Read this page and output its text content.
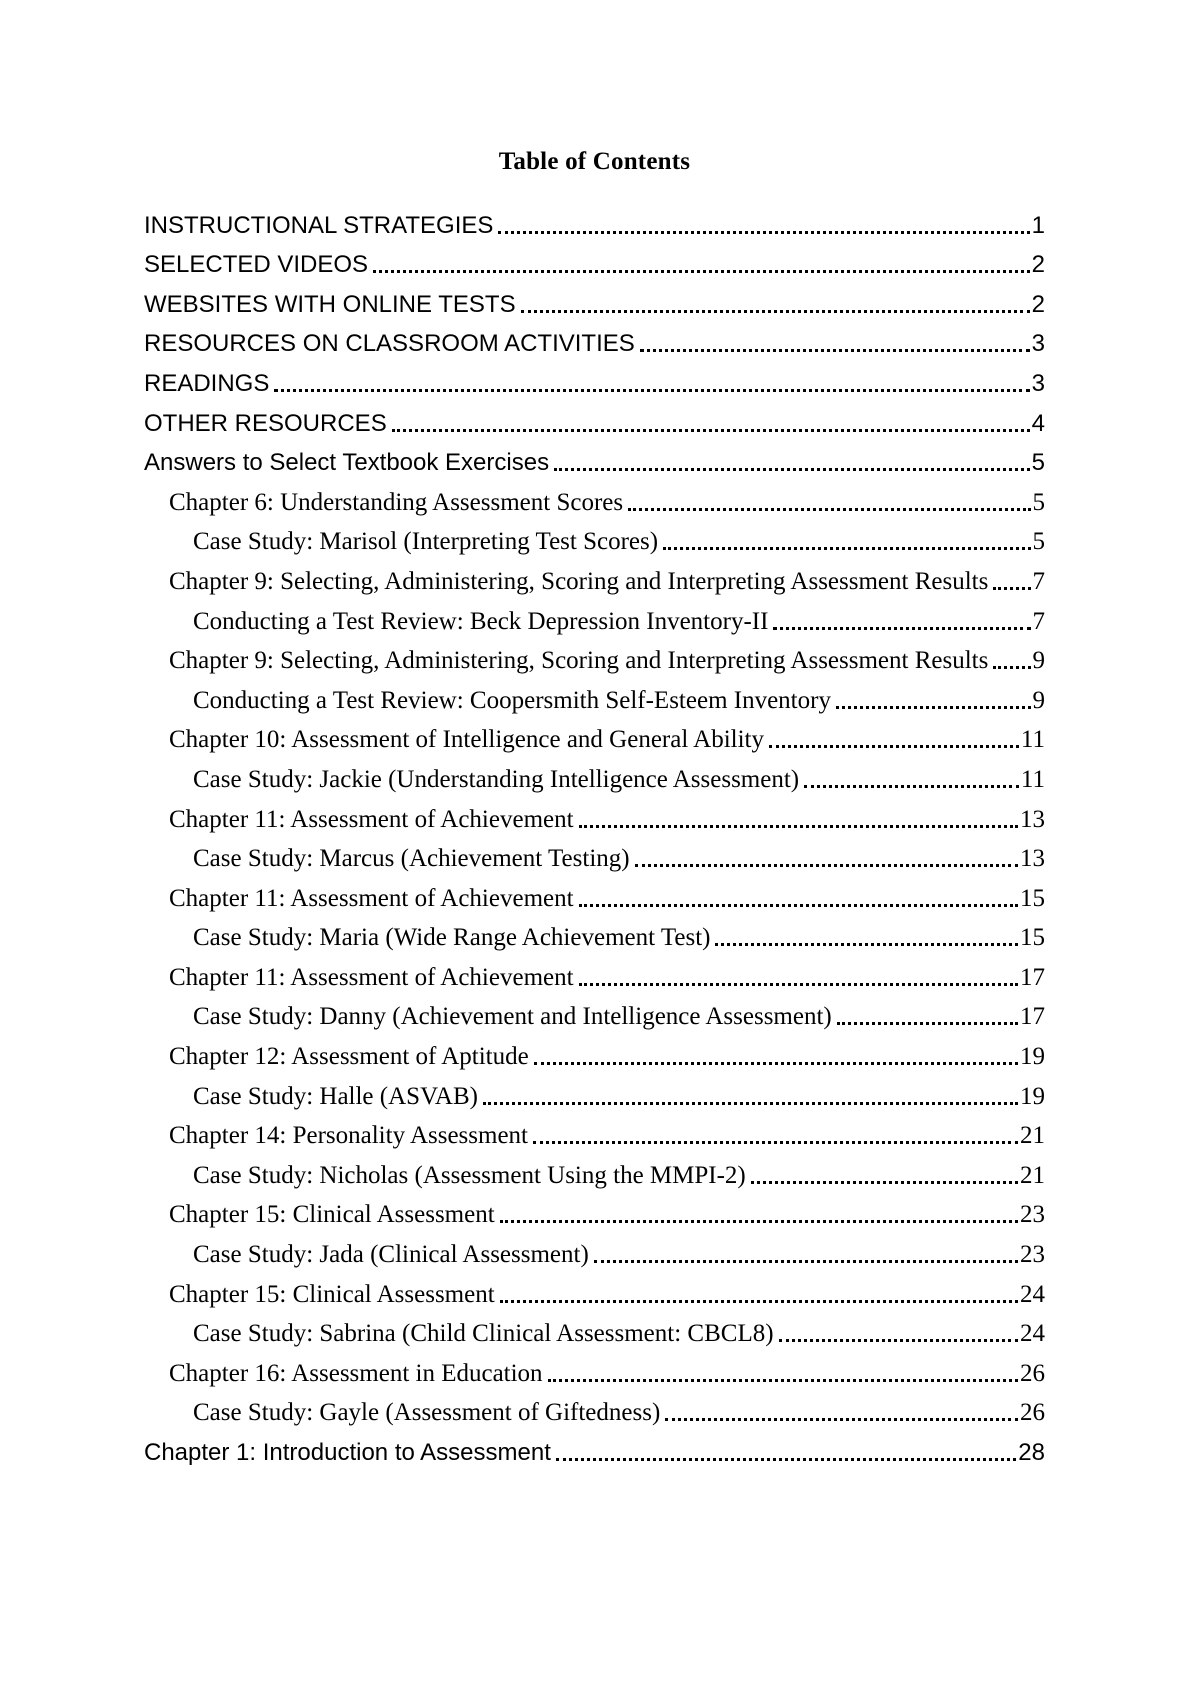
Table of Contents
INSTRUCTIONAL STRATEGIES	1
SELECTED VIDEOS	2
WEBSITES WITH ONLINE TESTS	2
RESOURCES ON CLASSROOM ACTIVITIES	3
READINGS	3
OTHER RESOURCES	4
Answers to Select Textbook Exercises	5
Chapter 6: Understanding Assessment Scores	5
Case Study: Marisol (Interpreting Test Scores)	5
Chapter 9: Selecting, Administering, Scoring and Interpreting Assessment Results 7
Conducting a Test Review: Beck Depression Inventory-II	7
Chapter 9: Selecting, Administering, Scoring and Interpreting Assessment Results 9
Conducting a Test Review: Coopersmith Self-Esteem Inventory	9
Chapter 10: Assessment of Intelligence and General Ability	11
Case Study: Jackie (Understanding Intelligence Assessment)	11
Chapter 11: Assessment of Achievement	13
Case Study: Marcus (Achievement Testing)	13
Chapter 11: Assessment of Achievement	15
Case Study: Maria (Wide Range Achievement Test)	15
Chapter 11: Assessment of Achievement	17
Case Study: Danny (Achievement and Intelligence Assessment)	17
Chapter 12: Assessment of Aptitude	19
Case Study: Halle (ASVAB)	19
Chapter 14: Personality Assessment	21
Case Study: Nicholas (Assessment Using the MMPI-2)	21
Chapter 15: Clinical Assessment	23
Case Study: Jada (Clinical Assessment)	23
Chapter 15: Clinical Assessment	24
Case Study: Sabrina (Child Clinical Assessment: CBCL8)	24
Chapter 16: Assessment in Education	26
Case Study: Gayle (Assessment of Giftedness)	26
Chapter 1: Introduction to Assessment	28
